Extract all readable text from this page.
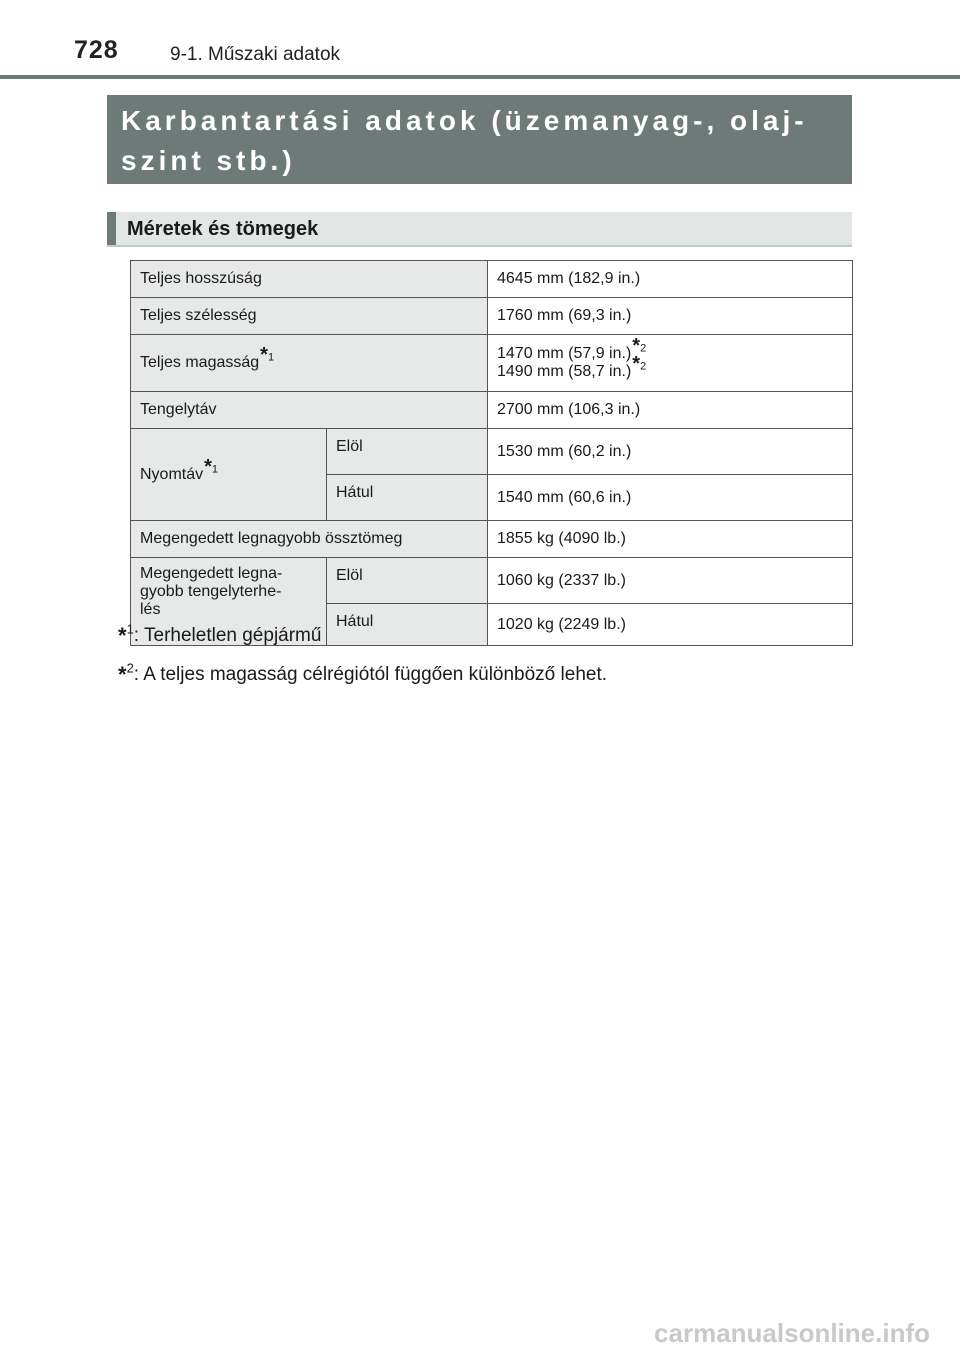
728	9-1. Műszaki adatok
Karbantartási adatok (üzemanyag-, olaj-
szint stb.)
Méretek és tömegek
Teljes hosszúság		4645 mm (182,9 in.)
Teljes szélesség		1760 mm (69,3 in.)
Teljes magasság*$^1$		1470 mm (57,9 in.)*$^2$
1490 mm (58,7 in.)*$^2$

Tengelytáv		2700 mm (106,3 in.)
Nyomtáv*$^1$	Elöl	1530 mm (60,2 in.)
	Hátul	1540 mm (60,6 in.)
Megengedett legnagyobb össztömeg		1855 kg (4090 lb.)

Megengedett legna-
gyobb tengelyterhe-
lés	Elöl	1060 kg (2337 lb.)
	Hátul	1020 kg (2249 lb.)
*$^1$: Terheletlen gépjármű
*$^2$: A teljes magasság célrégiótól függően különböző lehet.
carmanualsonline.info
